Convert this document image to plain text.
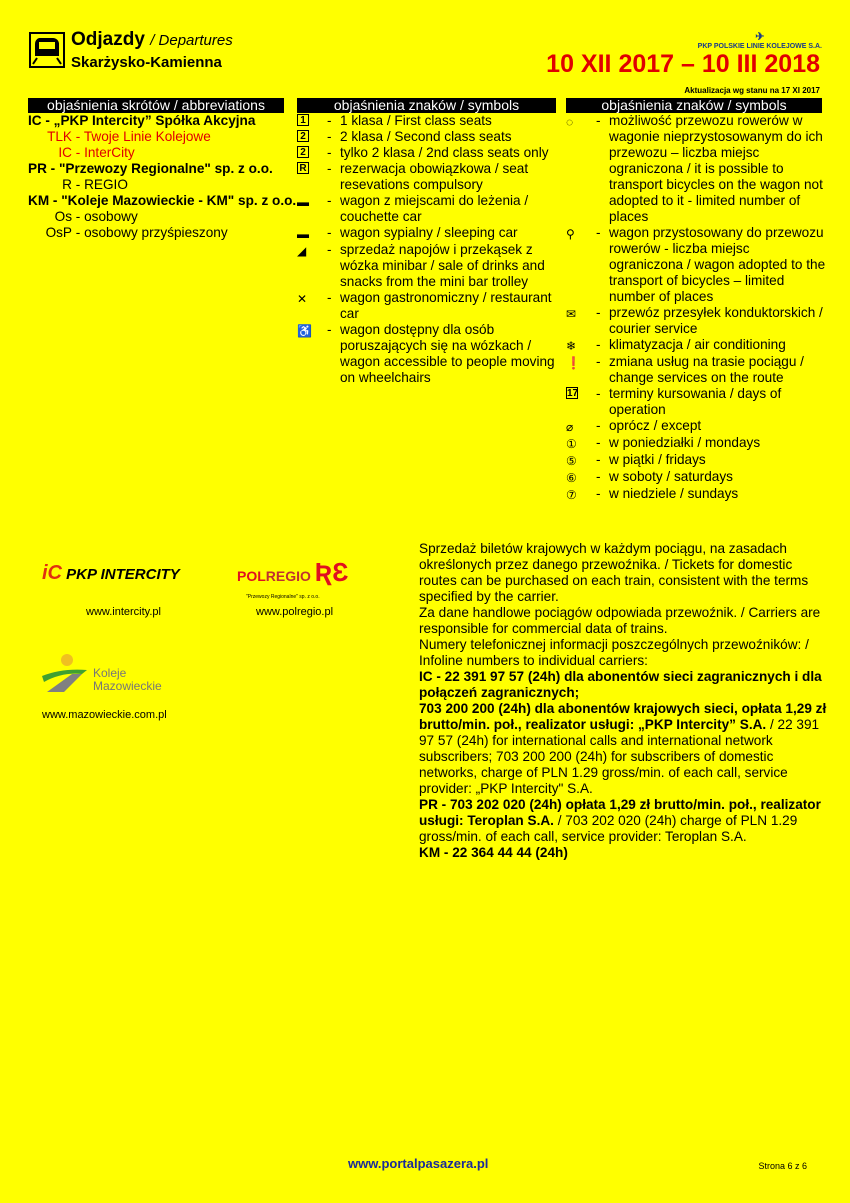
Odjazdy / Departures
Skarżysko-Kamienna
✈
PKP POLSKIE LINIE KOLEJOWE S.A.
10 XII 2017 – 10 III 2018
Aktualizacja wg stanu na 17 XI 2017
objaśnienia skrótów / abbreviations	objaśnienia znaków / symbols	objaśnienia znaków / symbols
IC - „PKP Intercity” Spółka Akcyjna
TLK - Twoje Linie Kolejowe
IC - InterCity
PR - "Przewozy Regionalne" sp. z o.o.
R - REGIO
KM - "Koleje Mazowieckie - KM" sp. z o.o.
Os - osobowy
OsP - osobowy przyśpieszony
1 - 1 klasa / First class seats
2 - 2 klasa / Second class seats
2 - tylko 2 klasa / 2nd class seats only
R - rezerwacja obowiązkowa / seat resevations compulsory
▬ - wagon z miejscami do leżenia / couchette car
▬ - wagon sypialny / sleeping car
◢ - sprzedaż napojów i przekąsek z wózka minibar / sale of drinks and snacks from the mini bar trolley
✕ - wagon gastronomiczny / restaurant car
♿ - wagon dostępny dla osób poruszających się na wózkach / wagon accessible to people moving on wheelchairs
◌ - możliwość przewozu rowerów w wagonie nieprzystosowanym do ich przewozu – liczba miejsc ograniczona / it is possible to transport bicycles on the wagon not adopted to it - limited number of places
⚲ - wagon przystosowany do przewozu rowerów - liczba miejsc ograniczona / wagon adopted to the transport of bicycles – limited number of places
✉ - przewóz przesyłek konduktorskich / courier service
❄ - klimatyzacja / air conditioning
❗ - zmiana usług na trasie pociągu / change services on the route
17 - terminy kursowania / days of operation
⌀ - oprócz / except
① - w poniedziałki / mondays
⑤ - w piątki / fridays
⑥ - w soboty / saturdays
⑦ - w niedziele / sundays
iC PKP INTERCITY
www.intercity.pl
POLREGIO ƦƐ
"Przewozy Regionalne" sp. z o.o.
www.polregio.pl
Koleje
Mazowieckie
www.mazowieckie.com.pl

Sprzedaż biletów krajowych w każdym pociągu, na zasadach określonych przez danego przewoźnika. / Tickets for domestic routes can be purchased on each train, consistent with the terms specified by the carrier.

Za dane handlowe pociągów odpowiada przewoźnik. / Carriers are responsible for commercial data of trains.

Numery telefonicznej informacji poszczególnych przewoźników: / Infoline numbers to individual carriers:

IC - 22 391 97 57 (24h) dla abonentów sieci zagranicznych i dla połączeń zagranicznych;

703 200 200 (24h) dla abonentów krajowych sieci, opłata 1,29 zł brutto/min. poł., realizator usługi: „PKP Intercity” S.A. / 22 391 97 57 (24h) for international calls and international network subscribers; 703 200 200 (24h) for subscribers of domestic networks, charge of PLN 1.29 gross/min. of each call, service provider: „PKP Intercity" S.A.

PR - 703 202 020 (24h) opłata 1,29 zł brutto/min. poł., realizator usługi: Teroplan S.A. / 703 202 020 (24h) charge of PLN 1.29 gross/min. of each call, service provider: Teroplan S.A.

KM - 22 364 44 44 (24h)

www.portalpasazera.pl	Strona 6 z 6
